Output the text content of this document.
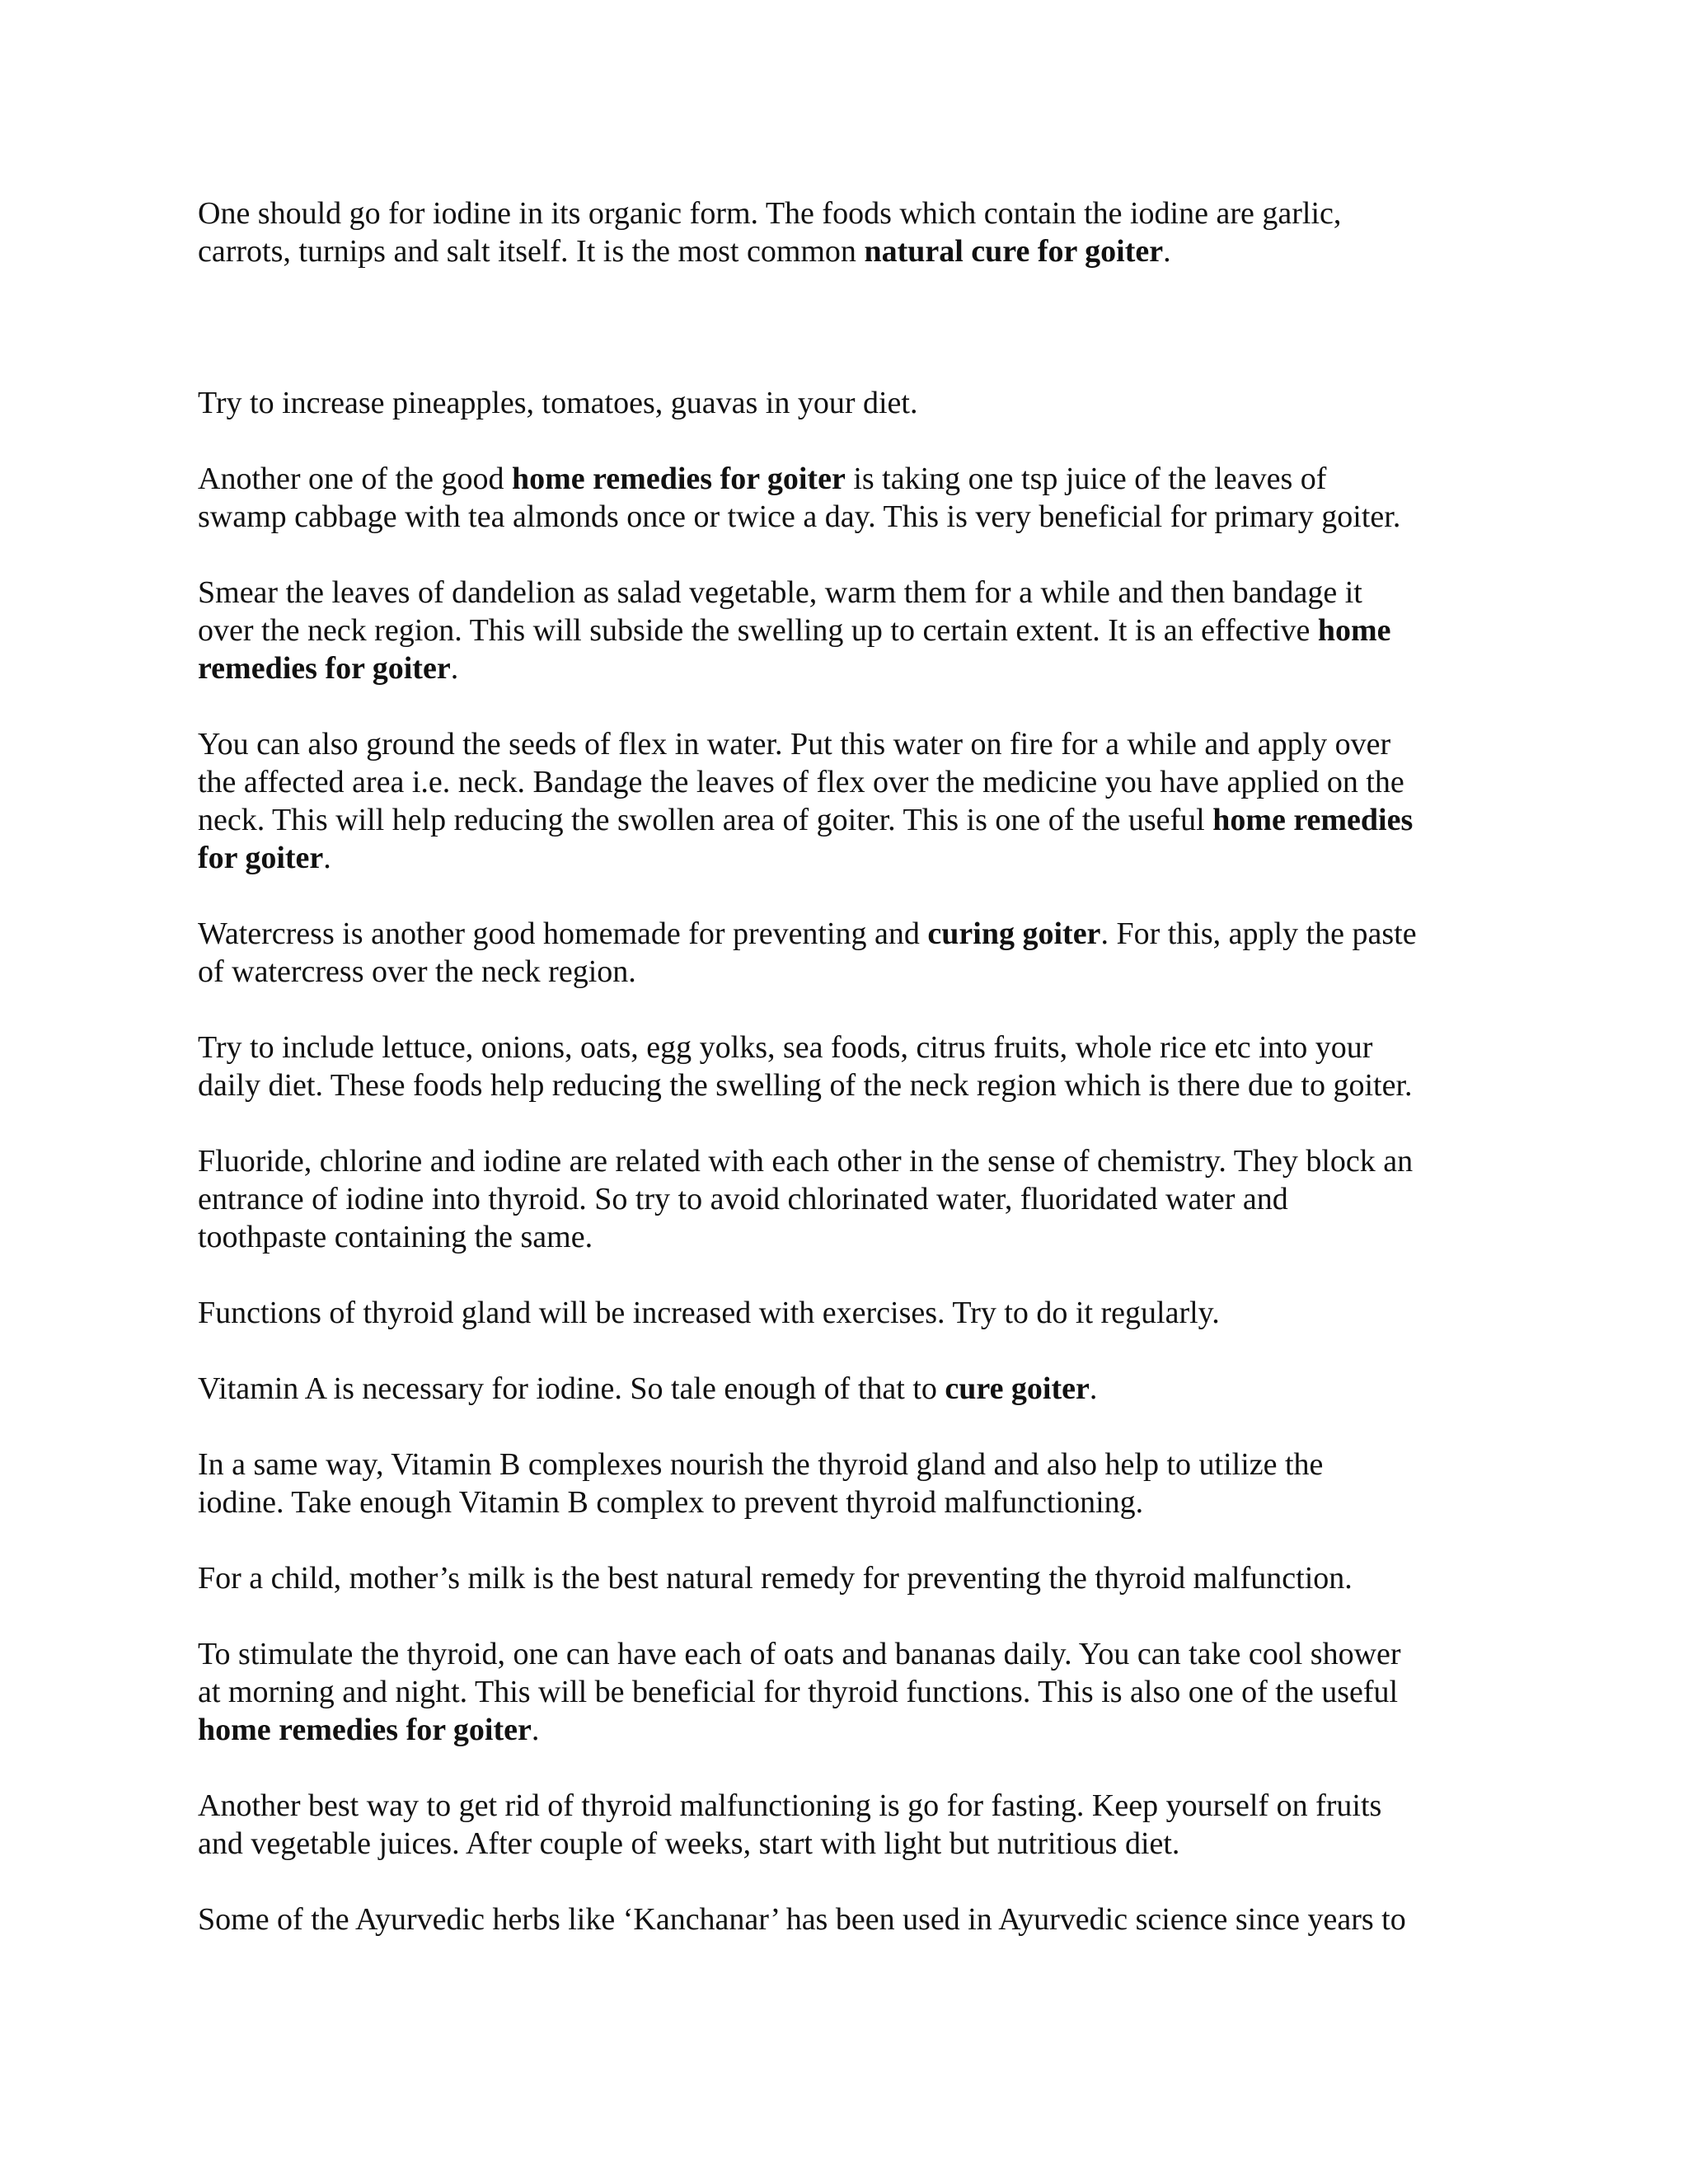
One should go for iodine in its organic form. The foods which contain the iodine are garlic,
carrots, turnips and salt itself. It is the most common natural cure for goiter.

Try to increase pineapples, tomatoes, guavas in your diet.

Another one of the good home remedies for goiter is taking one tsp juice of the leaves of
swamp cabbage with tea almonds once or twice a day. This is very beneficial for primary goiter.

Smear the leaves of dandelion as salad vegetable, warm them for a while and then bandage it
over the neck region. This will subside the swelling up to certain extent. It is an effective home
remedies for goiter.

You can also ground the seeds of flex in water. Put this water on fire for a while and apply over
the affected area i.e. neck. Bandage the leaves of flex over the medicine you have applied on the
neck. This will help reducing the swollen area of goiter. This is one of the useful home remedies
for goiter.

Watercress is another good homemade for preventing and curing goiter. For this, apply the paste
of watercress over the neck region.

Try to include lettuce, onions, oats, egg yolks, sea foods, citrus fruits, whole rice etc into your
daily diet. These foods help reducing the swelling of the neck region which is there due to goiter.

Fluoride, chlorine and iodine are related with each other in the sense of chemistry. They block an
entrance of iodine into thyroid. So try to avoid chlorinated water, fluoridated water and
toothpaste containing the same.

Functions of thyroid gland will be increased with exercises. Try to do it regularly.

Vitamin A is necessary for iodine. So tale enough of that to cure goiter.

In a same way, Vitamin B complexes nourish the thyroid gland and also help to utilize the
iodine. Take enough Vitamin B complex to prevent thyroid malfunctioning.

For a child, mother’s milk is the best natural remedy for preventing the thyroid malfunction.

To stimulate the thyroid, one can have each of oats and bananas daily. You can take cool shower
at morning and night. This will be beneficial for thyroid functions. This is also one of the useful
home remedies for goiter.

Another best way to get rid of thyroid malfunctioning is go for fasting. Keep yourself on fruits
and vegetable juices. After couple of weeks, start with light but nutritious diet.

Some of the Ayurvedic herbs like ‘Kanchanar’ has been used in Ayurvedic science since years to
